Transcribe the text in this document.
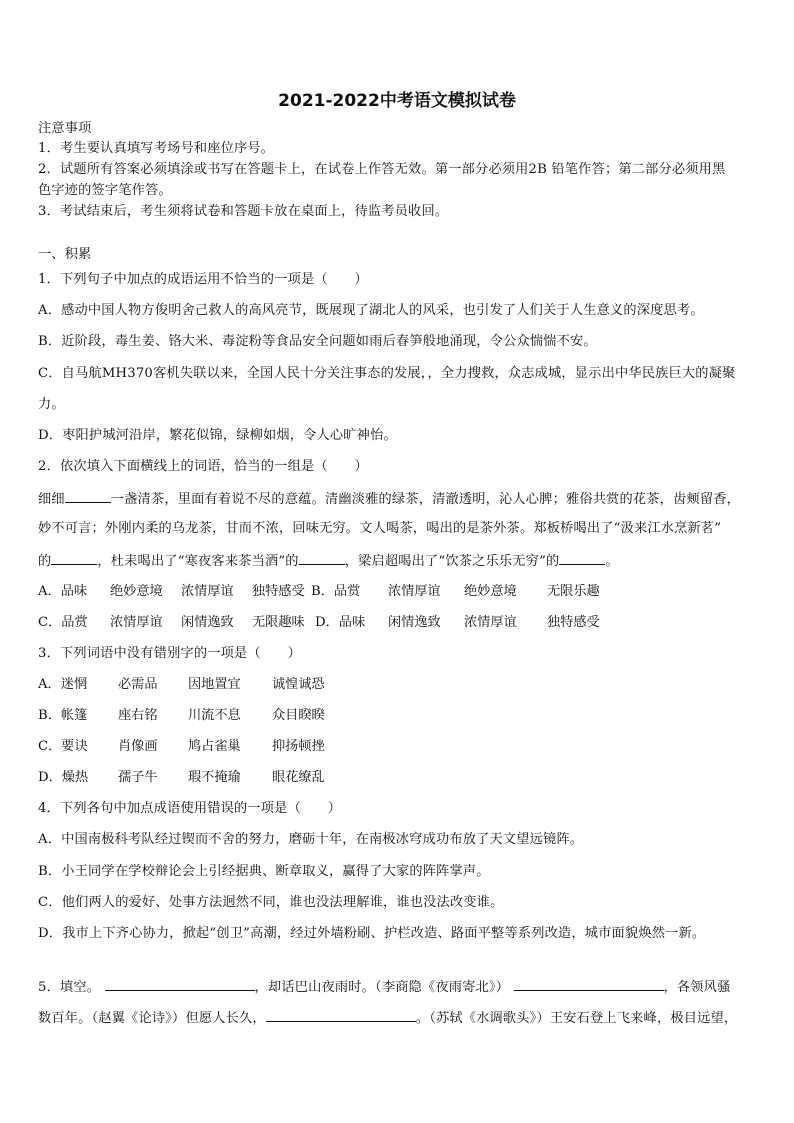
2021-2022中考语文模拟试卷
注意事项
1．考生要认真填写考场号和座位序号。
2．试题所有答案必须填涂或书写在答题卡上，在试卷上作答无效。第一部分必须用2B 铅笔作答；第二部分必须用黑
色字迹的签字笔作答。
3．考试结束后，考生须将试卷和答题卡放在桌面上，待监考员收回。
一、积累
1．下列句子中加点的成语运用不恰当的一项是（　　）
A．感动中国人物方俊明舍己救人的高风亮节，既展现了湖北人的风采，也引发了人们关于人生意义的深度思考。
B．近阶段，毒生姜、铬大米、毒淀粉等食品安全问题如雨后春笋般地涌现，令公众惴惴不安。
C．自马航MH370客机失联以来，全国人民十分关注事态的发展，，全力搜救，众志成城，显示出中华民族巨大的凝聚
力。
D．枣阳护城河沿岸，繁花似锦，绿柳如烟，令人心旷神怡。
2．依次填入下面横线上的词语，恰当的一组是（　　）
细细	一盏清茶，里面有着说不尽的意蕴。清幽淡雅的绿茶，清澈透明，沁人心脾；雅俗共赏的花茶，齿颊留香，
妙不可言；外刚内柔的乌龙茶，甘而不浓，回味无穷。文人喝茶，喝出的是茶外茶。郑板桥喝出了“汲来江水烹新茗”
的	，杜耒喝出了“寒夜客来茶当酒”的	，梁启超喝出了“饮茶之乐乐无穷”的	。
A．品味 绝妙意境 浓情厚谊 独特感受 B．品赏 浓情厚谊 绝妙意境 无限乐趣
C．品赏 浓情厚谊 闲情逸致 无限趣味 D．品味 闲情逸致 浓情厚谊 独特感受
3．下列词语中没有错别字的一项是（　　）
A．迷惘 必需品 因地置宜 诚惶诚恐
B．帐篷 座右铭 川流不息 众目睽睽
C．要诀 肖像画 鸠占雀巢 抑扬顿挫
D．燥热 孺子牛 瑕不掩瑜 眼花缭乱
4．下列各句中加点成语使用错误的一项是（　　）
A．中国南极科考队经过锲而不舍的努力，磨砺十年，在南极冰穹成功布放了天文望远镜阵。
B．小王同学在学校辩论会上引经据典、断章取义，赢得了大家的阵阵掌声。
C．他们两人的爱好、处事方法迥然不同，谁也没法理解谁，谁也没法改变谁。
D．我市上下齐心协力，掀起“创卫”高潮，经过外墙粉刷、护栏改造、路面平整等系列改造，城市面貌焕然一新。
5．填空。	，却话巴山夜雨时。（李商隐《夜雨寄北》）	，各领风骚
数百年。（赵翼《论诗》）但愿人长久，	。（苏轼《水调歌头》）王安石登上飞来峰，极目远望，
